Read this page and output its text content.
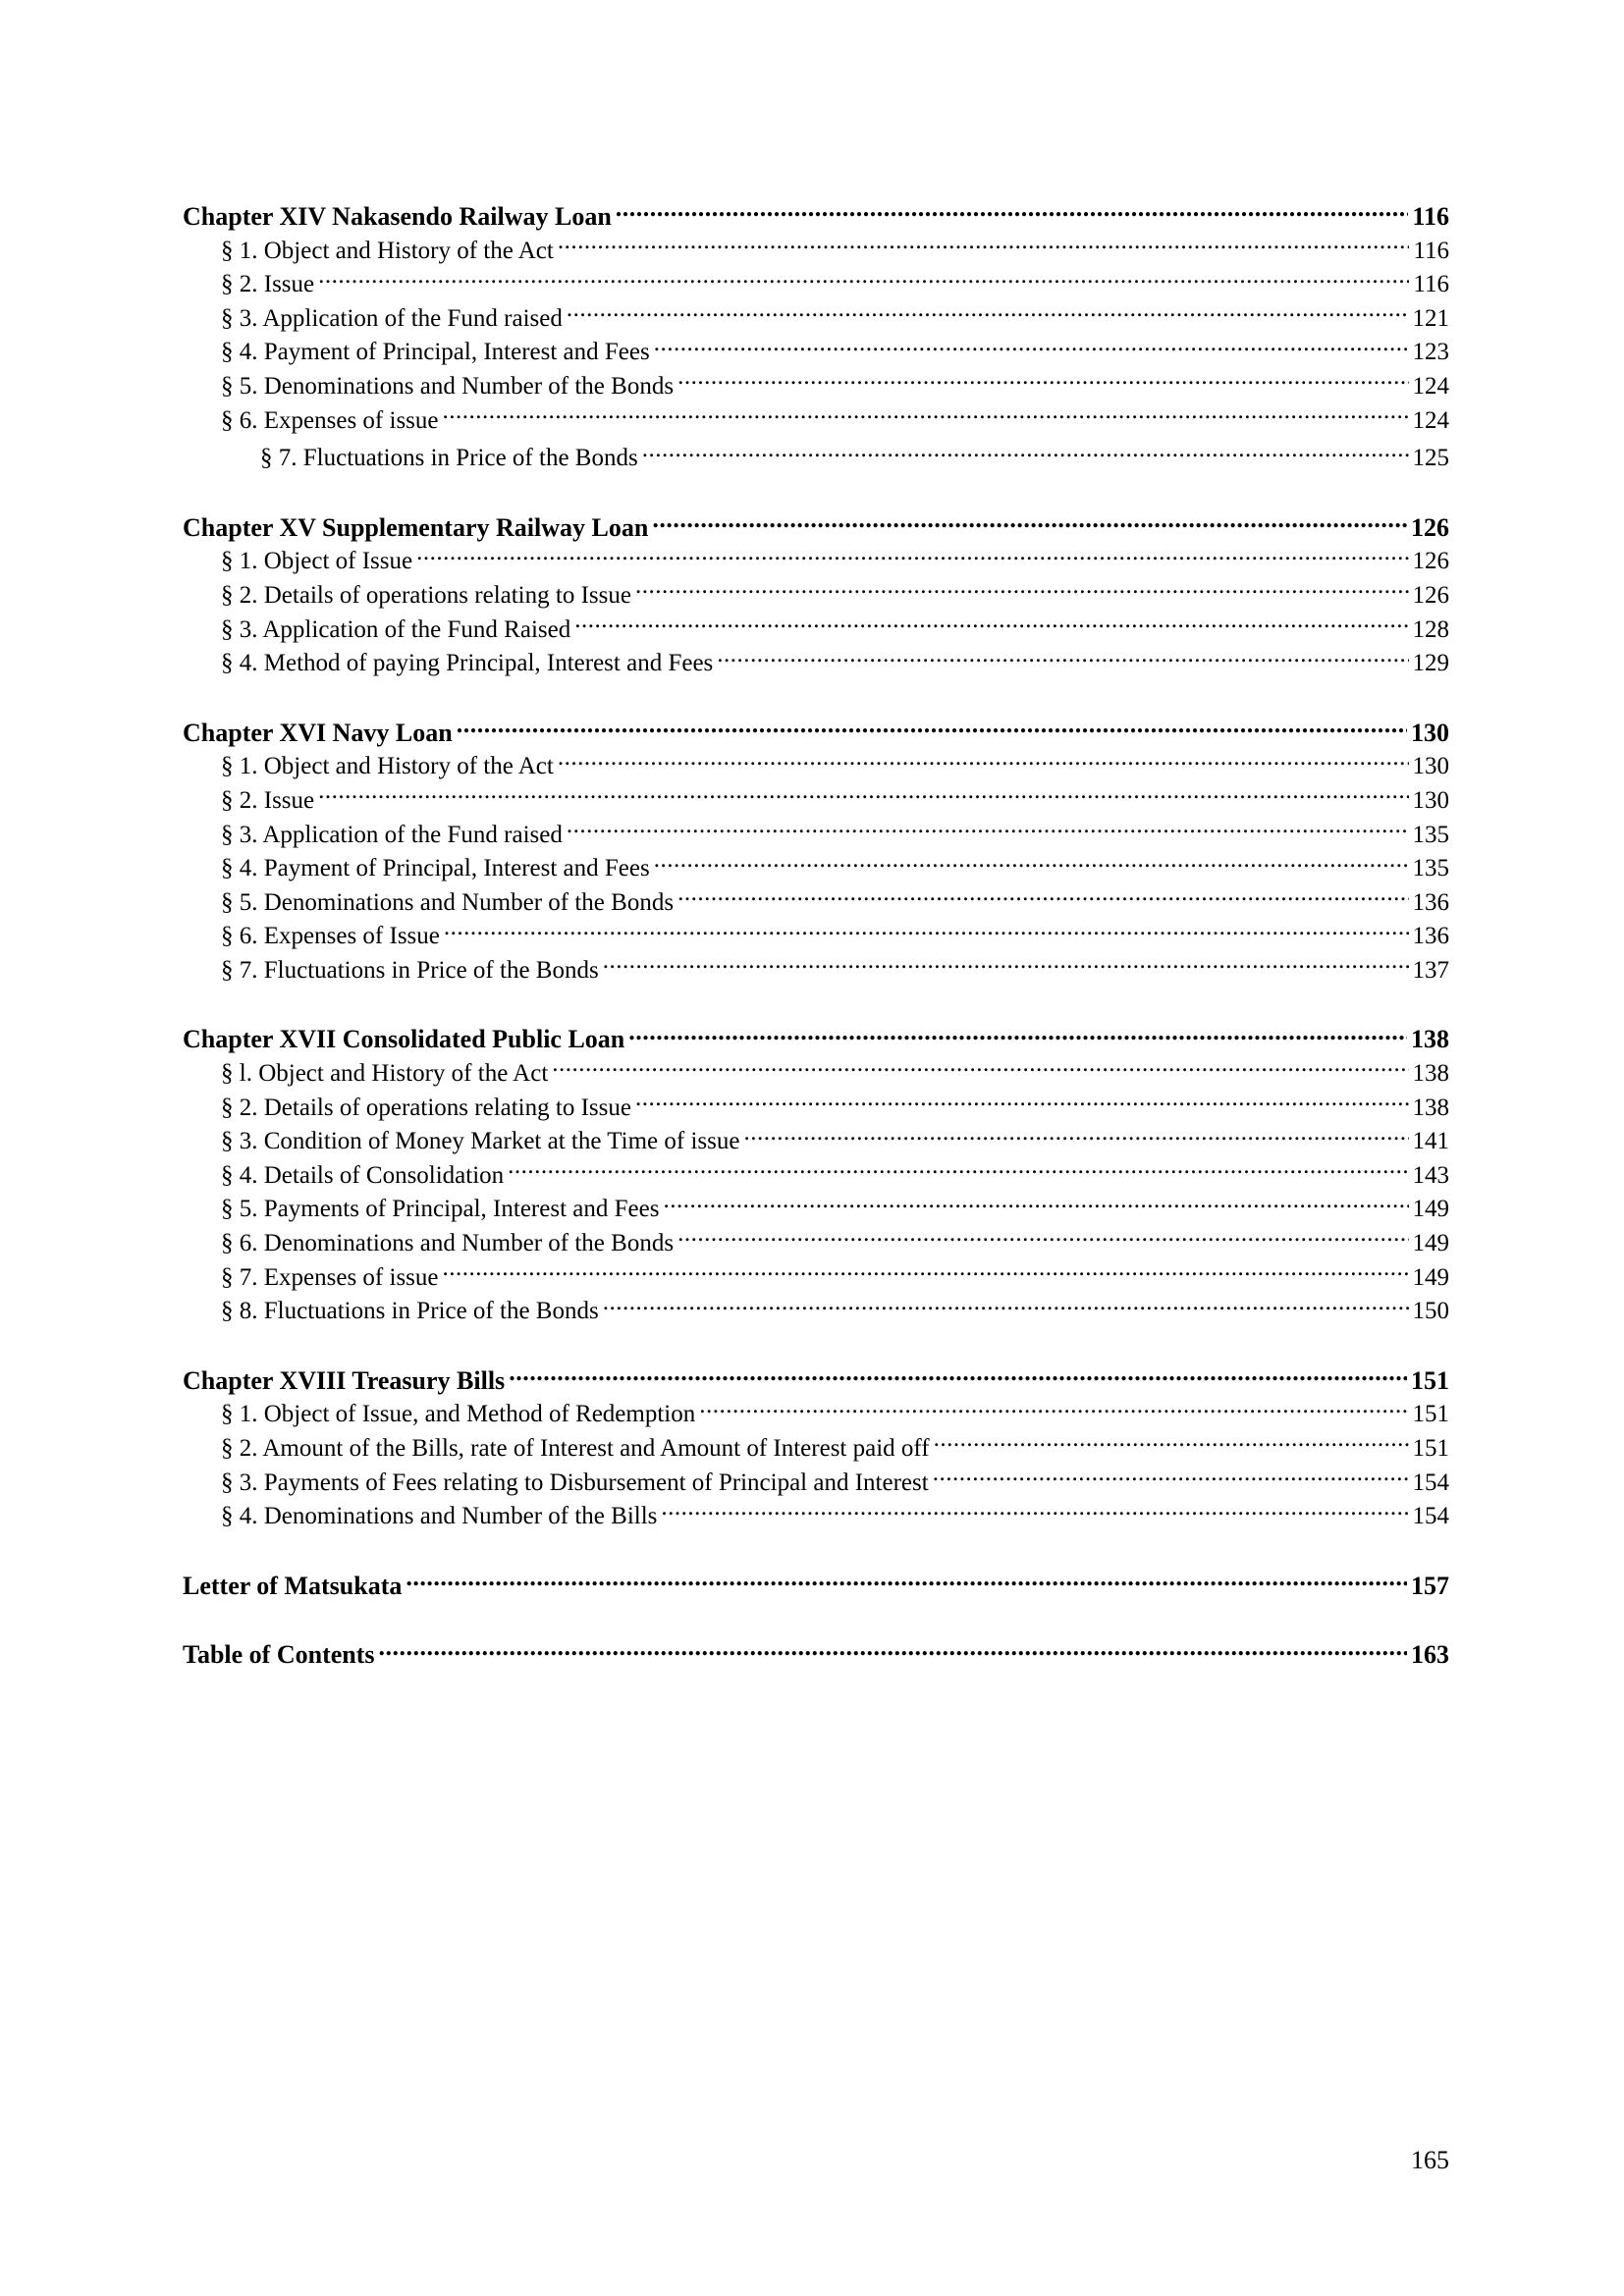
Chapter XIV Nakasendo Railway Loan .....	116
§ 1. Object and History of the Act .....	116
§ 2. Issue .....	116
§ 3. Application of the Fund raised .....	121
§ 4. Payment of Principal, Interest and Fees .....	123
§ 5. Denominations and Number of the Bonds .....	124
§ 6. Expenses of issue .....	124
§ 7. Fluctuations in Price of the Bonds .....	125
Chapter XV Supplementary Railway Loan .....	126
§ 1. Object of Issue .....	126
§ 2. Details of operations relating to Issue .....	126
§ 3. Application of the Fund Raised .....	128
§ 4. Method of paying Principal, Interest and Fees .....	129
Chapter XVI Navy Loan .....	130
§ 1. Object and History of the Act .....	130
§ 2. Issue .....	130
§ 3. Application of the Fund raised .....	135
§ 4. Payment of Principal, Interest and Fees .....	135
§ 5. Denominations and Number of the Bonds .....	136
§ 6. Expenses of Issue .....	136
§ 7. Fluctuations in Price of the Bonds .....	137
Chapter XVII Consolidated Public Loan .....	138
§ l. Object and History of the Act .....	138
§ 2. Details of operations relating to Issue .....	138
§ 3. Condition of Money Market at the Time of issue .....	141
§ 4. Details of Consolidation .....	143
§ 5. Payments of Principal, Interest and Fees .....	149
§ 6. Denominations and Number of the Bonds .....	149
§ 7. Expenses of issue .....	149
§ 8. Fluctuations in Price of the Bonds .....	150
Chapter XVIII Treasury Bills .....	151
§ 1. Object of Issue, and Method of Redemption .....	151
§ 2. Amount of the Bills, rate of Interest and Amount of Interest paid off .....	151
§ 3. Payments of Fees relating to Disbursement of Principal and Interest .....	154
§ 4. Denominations and Number of the Bills .....	154
Letter of Matsukata .....	157
Table of Contents .....	163
165
